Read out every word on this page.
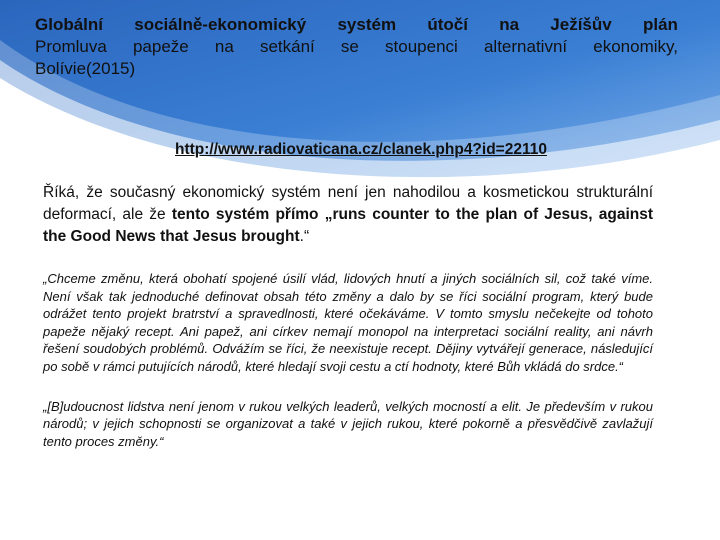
Globální sociálně-ekonomický systém útočí na Ježíšův plán
Promluva papeže na setkání se stoupenci alternativní ekonomiky,
Bolívie(2015)
http://www.radiovaticana.cz/clanek.php4?id=22110

Říká, že současný ekonomický systém není jen nahodilou a kosmetickou strukturální deformací, ale že tento systém přímo „runs counter to the plan of Jesus, against the Good News that Jesus brought.“

„Chceme změnu, která obohatí spojené úsilí vlád, lidových hnutí a jiných sociálních sil, což také víme. Není však tak jednoduché definovat obsah této změny a dalo by se říci sociální program, který bude odrážet tento projekt bratrství a spravedlnosti, které očekáváme. V tomto smyslu nečekejte od tohoto papeže nějaký recept. Ani papež, ani církev nemají monopol na interpretaci sociální reality, ani návrh řešení soudobých problémů. Odvážím se říci, že neexistuje recept. Dějiny vytvářejí generace, následující po sobě v rámci putujících národů, které hledají svoji cestu a ctí hodnoty, které Bůh vkládá do srdce.“

„[B]udoucnost lidstva není jenom v rukou velkých leaderů, velkých mocností a elit. Je především v rukou národů; v jejich schopnosti se organizovat a také v jejich rukou, které pokorně a přesvědčivě zavlažují tento proces změny.“
